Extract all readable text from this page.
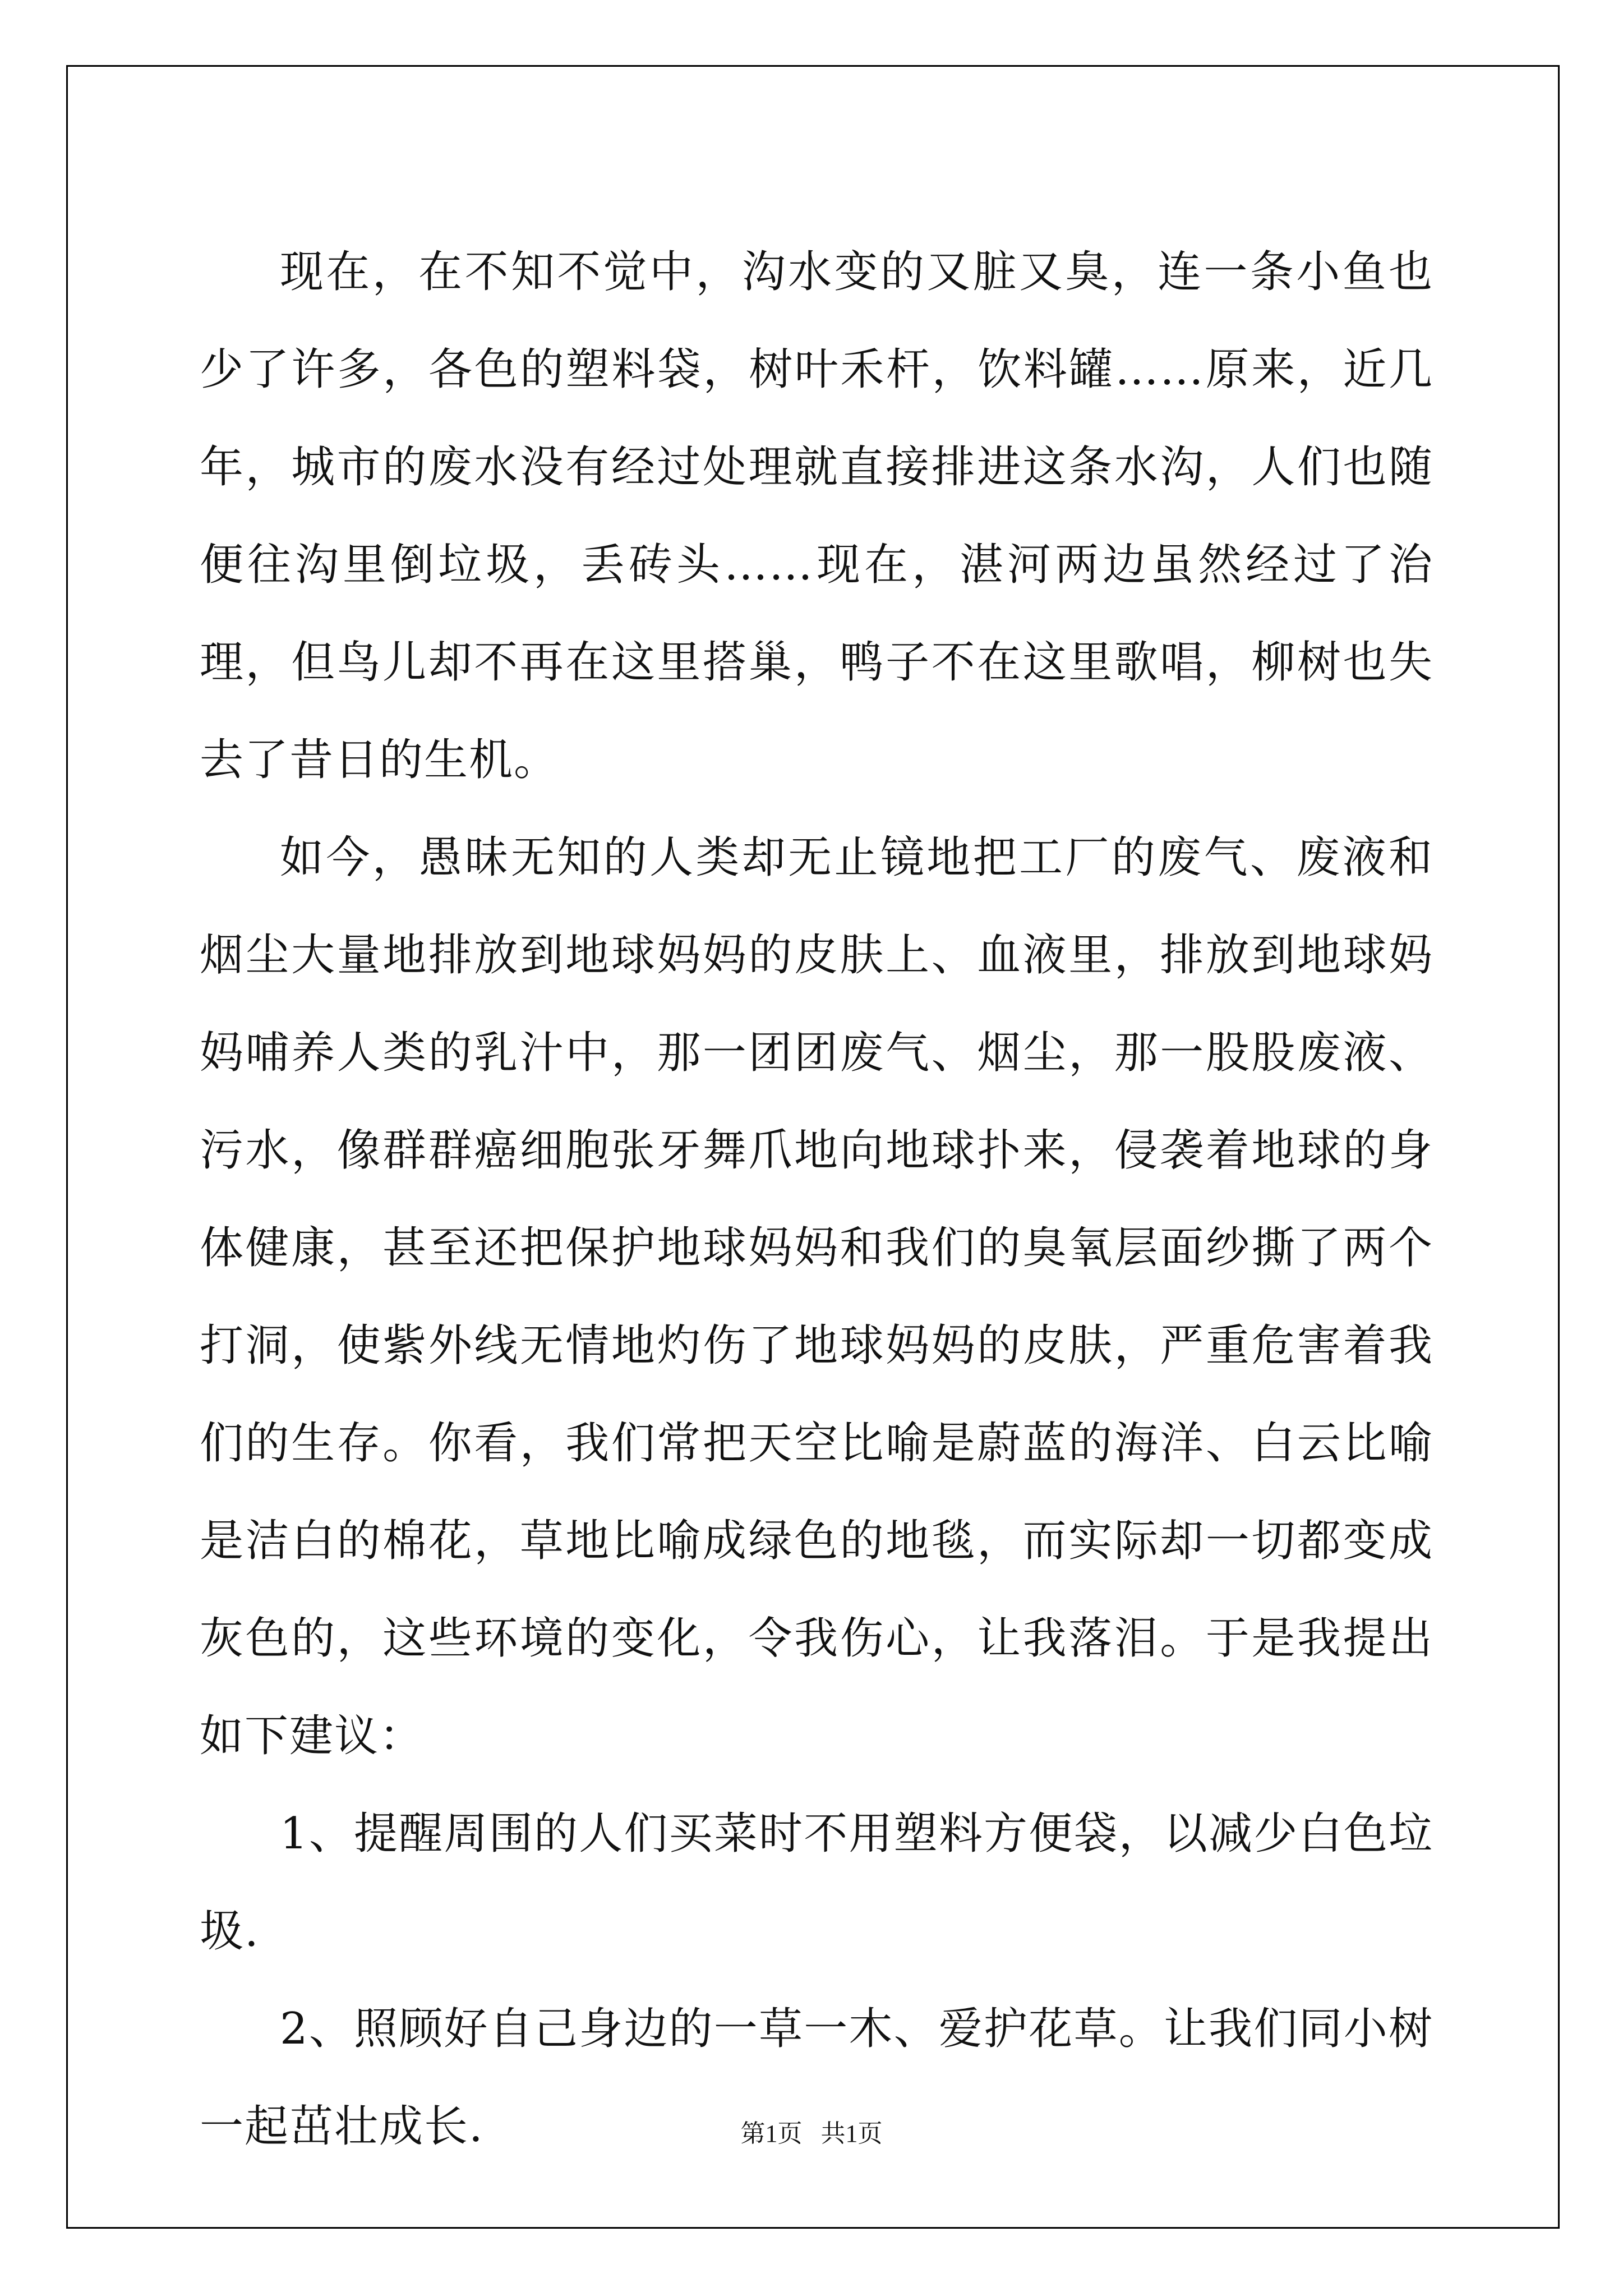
现在，在不知不觉中，沟水变的又脏又臭，连一条小鱼也少了许多，各色的塑料袋，树叶禾杆，饮料罐……原来，近几年，城市的废水没有经过处理就直接排进这条水沟，人们也随便往沟里倒垃圾，丢砖头……现在，湛河两边虽然经过了治理，但鸟儿却不再在这里搭巢，鸭子不在这里歌唱，柳树也失去了昔日的生机。

如今，愚昧无知的人类却无止镜地把工厂的废气、废液和烟尘大量地排放到地球妈妈的皮肤上、血液里，排放到地球妈妈哺养人类的乳汁中，那一团团废气、烟尘，那一股股废液、污水，像群群癌细胞张牙舞爪地向地球扑来，侵袭着地球的身体健康，甚至还把保护地球妈妈和我们的臭氧层面纱撕了两个打洞，使紫外线无情地灼伤了地球妈妈的皮肤，严重危害着我们的生存。你看，我们常把天空比喻是蔚蓝的海洋、白云比喻是洁白的棉花，草地比喻成绿色的地毯，而实际却一切都变成灰色的，这些环境的变化，令我伤心，让我落泪。于是我提出如下建议：

1、提醒周围的人们买菜时不用塑料方便袋，以减少白色垃圾.

2、照顾好自己身边的一草一木、爱护花草。让我们同小树一起茁壮成长.	第1页 共1页
